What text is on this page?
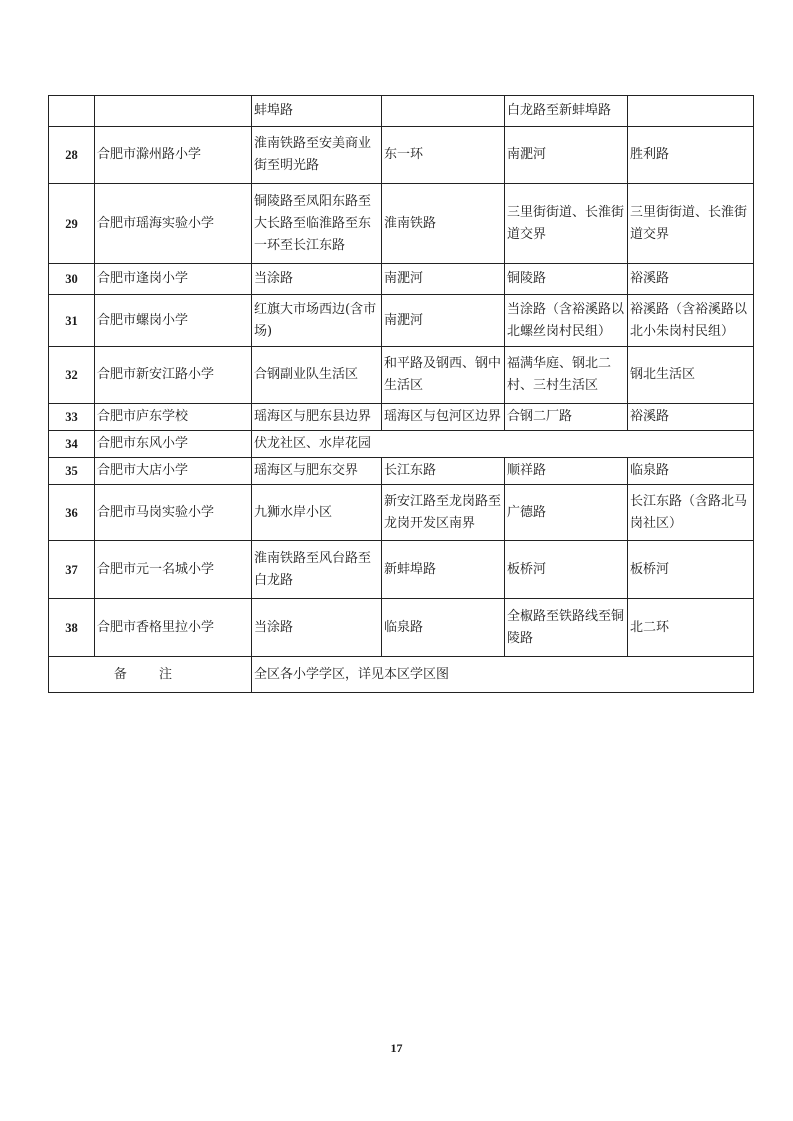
		蚌埠路		白龙路至新蚌埠路	
28	合肥市滁州路小学	淮南铁路至安美商业街至明光路	东一环	南淝河	胜利路
29	合肥市瑶海实验小学	铜陵路至凤阳东路至大长路至临淮路至东一环至长江东路	淮南铁路	三里街街道、长淮街道交界	三里街街道、长淮街道交界
30	合肥市逢岗小学	当涂路	南淝河	铜陵路	裕溪路
31	合肥市螺岗小学	红旗大市场西边(含市场)	南淝河	当涂路（含裕溪路以北螺丝岗村民组）	裕溪路（含裕溪路以北小朱岗村民组）
32	合肥市新安江路小学	合钢副业队生活区	和平路及钢西、钢中生活区	福满华庭、钢北二村、三村生活区	钢北生活区
33	合肥市庐东学校	瑶海区与肥东县边界	瑶海区与包河区边界	合钢二厂路	裕溪路
34	合肥市东风小学	伏龙社区、水岸花园			
35	合肥市大店小学	瑶海区与肥东交界	长江东路	顺祥路	临泉路
36	合肥市马岗实验小学	九狮水岸小区	新安江路至龙岗路至龙岗开发区南界	广德路	长江东路（含路北马岗社区）
37	合肥市元一名城小学	淮南铁路至风台路至白龙路	新蚌埠路	板桥河	板桥河
38	合肥市香格里拉小学	当涂路	临泉路	全椒路至铁路线至铜陵路	北二环
备 注		全区各小学学区，详见本区学区图			
17
